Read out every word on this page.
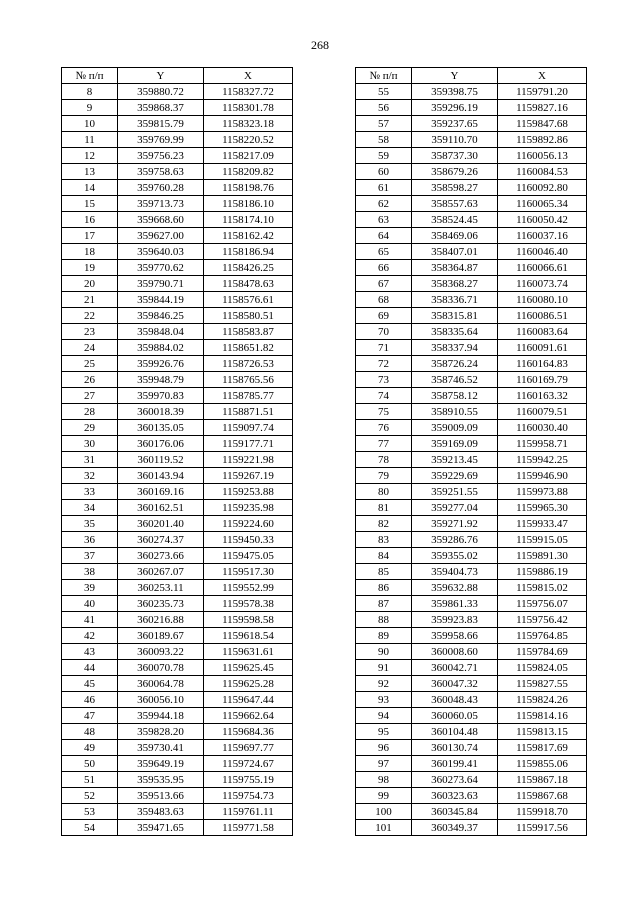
268
№ п/п	Y	X
8	359880.72	1158327.72
9	359868.37	1158301.78
10	359815.79	1158323.18
11	359769.99	1158220.52
12	359756.23	1158217.09
13	359758.63	1158209.82
14	359760.28	1158198.76
15	359713.73	1158186.10
16	359668.60	1158174.10
17	359627.00	1158162.42
18	359640.03	1158186.94
19	359770.62	1158426.25
20	359790.71	1158478.63
21	359844.19	1158576.61
22	359846.25	1158580.51
23	359848.04	1158583.87
24	359884.02	1158651.82
25	359926.76	1158726.53
26	359948.79	1158765.56
27	359970.83	1158785.77
28	360018.39	1158871.51
29	360135.05	1159097.74
30	360176.06	1159177.71
31	360119.52	1159221.98
32	360143.94	1159267.19
33	360169.16	1159253.88
34	360162.51	1159235.98
35	360201.40	1159224.60
36	360274.37	1159450.33
37	360273.66	1159475.05
38	360267.07	1159517.30
39	360253.11	1159552.99
40	360235.73	1159578.38
41	360216.88	1159598.58
42	360189.67	1159618.54
43	360093.22	1159631.61
44	360070.78	1159625.45
45	360064.78	1159625.28
46	360056.10	1159647.44
47	359944.18	1159662.64
48	359828.20	1159684.36
49	359730.41	1159697.77
50	359649.19	1159724.67
51	359535.95	1159755.19
52	359513.66	1159754.73
53	359483.63	1159761.11
54	359471.65	1159771.58
№ п/п	Y	X
55	359398.75	1159791.20
56	359296.19	1159827.16
57	359237.65	1159847.68
58	359110.70	1159892.86
59	358737.30	1160056.13
60	358679.26	1160084.53
61	358598.27	1160092.80
62	358557.63	1160065.34
63	358524.45	1160050.42
64	358469.06	1160037.16
65	358407.01	1160046.40
66	358364.87	1160066.61
67	358368.27	1160073.74
68	358336.71	1160080.10
69	358315.81	1160086.51
70	358335.64	1160083.64
71	358337.94	1160091.61
72	358726.24	1160164.83
73	358746.52	1160169.79
74	358758.12	1160163.32
75	358910.55	1160079.51
76	359009.09	1160030.40
77	359169.09	1159958.71
78	359213.45	1159942.25
79	359229.69	1159946.90
80	359251.55	1159973.88
81	359277.04	1159965.30
82	359271.92	1159933.47
83	359286.76	1159915.05
84	359355.02	1159891.30
85	359404.73	1159886.19
86	359632.88	1159815.02
87	359861.33	1159756.07
88	359923.83	1159756.42
89	359958.66	1159764.85
90	360008.60	1159784.69
91	360042.71	1159824.05
92	360047.32	1159827.55
93	360048.43	1159824.26
94	360060.05	1159814.16
95	360104.48	1159813.15
96	360130.74	1159817.69
97	360199.41	1159855.06
98	360273.64	1159867.18
99	360323.63	1159867.68
100	360345.84	1159918.70
101	360349.37	1159917.56
